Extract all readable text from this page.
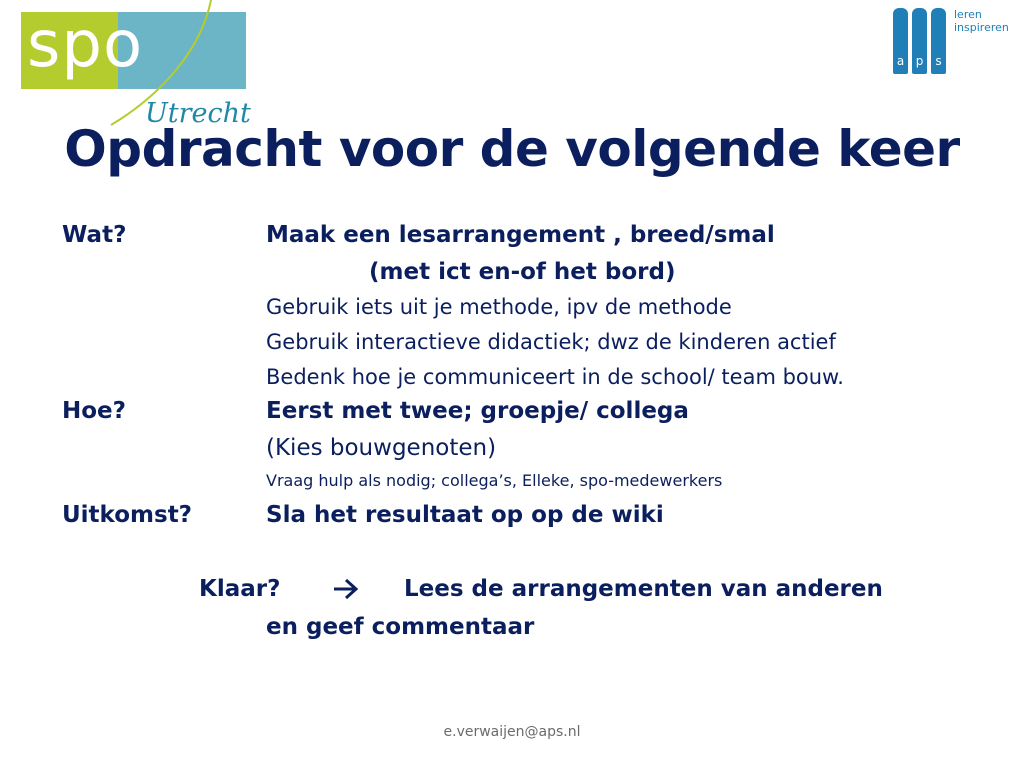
spo
Utrecht
a p	s
leren
inspireren
Opdracht voor de volgende keer
Wat?	Maak een lesarrangement , breed/smal
(met ict en-of het bord)
Gebruik iets uit je methode, ipv de methode
Gebruik interactieve didactiek; dwz de kinderen actief
Bedenk hoe je communiceert in de school/ team bouw.
Hoe?	Eerst met twee; groepje/ collega
(Kies bouwgenoten)
Vraag hulp als nodig; collega’s, Elleke, spo-medewerkers
Uitkomst?	Sla het resultaat op op de wiki
Klaar?	Lees de arrangementen van anderen
en geef commentaar
e.verwaijen@aps.nl
